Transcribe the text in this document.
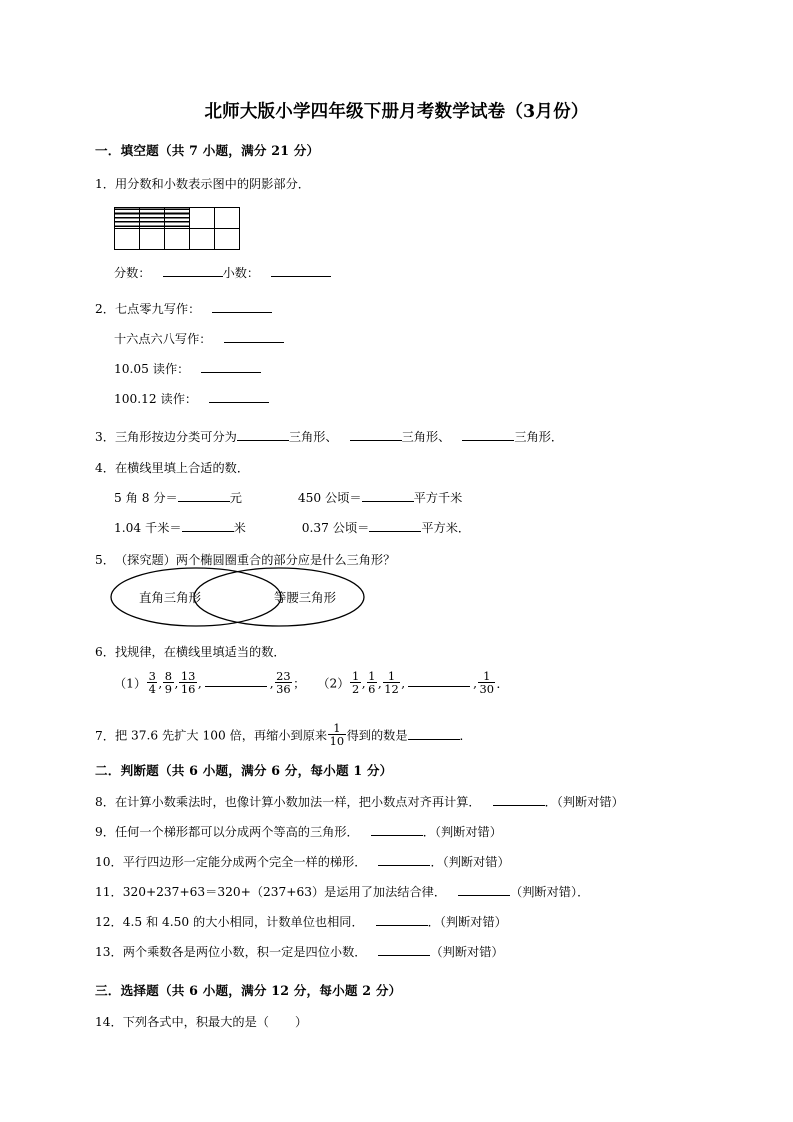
北师大版小学四年级下册月考数学试卷（3月份）
一．填空题（共 7 小题，满分 21 分）
1．用分数和小数表示图中的阴影部分．

分数：	小数：
2．七点零九写作：
十六点六八写作：
10.05 读作：
100.12 读作：
3．三角形按边分类可分为	三角形、	三角形、	三角形．
4．在横线里填上合适的数．
5 角 8 分＝	元	450 公顷＝	平方千米
1.04 千米＝	米	0.37 公顷＝	平方米．
5．（探究题）两个椭圆圈重合的部分应是什么三角形？
直角三角形	等腰三角形
6．找规律，在横线里填适当的数．
$(1) \frac{3}{4}$ , $\frac{8}{9}$ , $\frac{13}{16}$ ,	, $\frac{23}{36}$ ； $(2) \frac{1}{2}$ , $\frac{1}{6}$ , $\frac{1}{12}$ ,	, $\frac{1}{30}$ ．
7．把 37.6 先扩大 100 倍，再缩小到原来 $\frac{1}{10}$ 得到的数是	．
二．判断题（共 6 小题，满分 6 分，每小题 1 分）
8．在计算小数乘法时，也像计算小数加法一样，把小数点对齐再计算．	．（判断对错）
9．任何一个梯形都可以分成两个等高的三角形．	．（判断对错）
10．平行四边形一定能分成两个完全一样的梯形．	．（判断对错）
11．320+237+63＝320+（237+63）是运用了加法结合律．	（判断对错）．
12．4.5 和 4.50 的大小相同，计数单位也相同．	．（判断对错）
13．两个乘数各是两位小数，积一定是四位小数．	（判断对错）
三．选择题（共 6 小题，满分 12 分，每小题 2 分）
14．下列各式中，积最大的是（ ）
